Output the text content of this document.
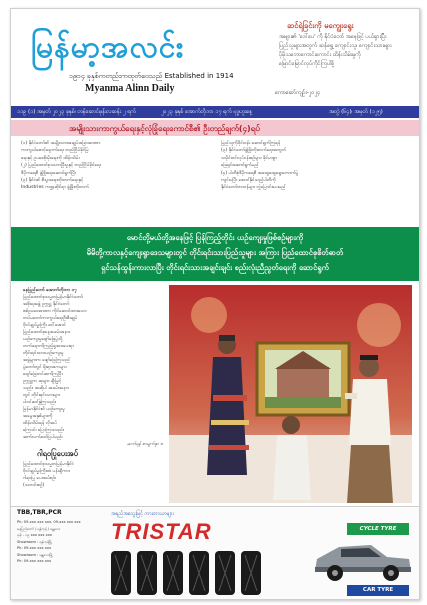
မြန်မာ့အလင်း
၁၉၁၄ ခုနှစ်ကတည်းကထုတ်ဝေသည် Established in 1914
Myanma Alinn Daily
ဆင်ရဲခြင်းကို မကျွေးရွေး
အများ၏ 'ဒေါ်ပေ' ကို နိုင်ငံတော် အနေဖြင့် ပယ်ရှားပြီး
ပြည်သူများအတွက် ဆန်ရွှေ့ ကျောင်းသူ၊ ကျောင်းသားများ
ပိုမိုသဘောကောင်းကောင်း ထိန်းသိမ်းမှုကို
မြောင်မြောင်လုပ်ကိုင်ကြပါစို့
ကောဆော်ကျဉ်း-၂၀၂၄
၁၁၉ (၁) အမှတ် ၂၀၂၃ ခုနှစ်၊ တန်ဆောင်မုန်းလဆန်း ၂ ရက်	၂၀၂၃ ခုနှစ် အောက်တိုဘာ ၁၇ ရက် ဗုဒ္ဓဟူးနေ့	အတွဲ (၆၄)၊ အမှတ် (၁၂၅)
အမျိုးသားကာကွယ်ရေးနှင့်လုံခြုံရေးကောင်စီ၏ ဦးတည်ချက်(၄)ရပ်

(၁) နိုင်ငံတော်၏ အမျိုးသားအချုပ်အခြာအာဏာ

ကာကွယ်စောင့်ရှောက်ရေး တည်ငြိမ်ခိုင်မြဲ

ရေးနှင့် ဥပဒေစိုးမိုးရေးကို ထိန်းသိမ်း

(၂) ပြည်ထောင်စုသဟာပြီးမှုနှင့် တည်ငြိမ်ခိုင်ရေး

ဒီမိုကရေစီ ဖွံ့ဖြိုးရေးဆောင်ရွက်ပြီး

(၃) နိုင်ငံ၏ စီးပွားရေးတိုးတက်ရေးနှင့်

Industries ကဏ္ဍဆိုင်ရာ ဖွံ့ဖြိုးတိုးတက်

ပြည်သူကိုဝိုင်းဝန်း ဆောင်ရွက်ကြရန်

(၃) နိုင်ငံတော်ဖွံ့ဖြိုးတိုးတက်ရေးအတွက်

သမိုင်းဝင်လုပ်ငန်းစဉ်များ ခိုင်မာစွာ

ဖြေရှင်းဆောင်ရွက်မည်

(၄) ပါတီစုံဒီမိုကရေစီ အထွေထွေရွေးကောက်ပွဲ

ကျင်းပပြီး အောင်နိုင်သည့်ပါတီကို

နိုင်ငံတော်တာဝန်များ လွှဲပြောင်းပေးမည်

မောင်တို့မယ်တို့အနေဖြင့် ပြန်ကြည့်တိုင်း ယဉ်ကျေးမှုဖြစ်စဉ်များကို
မိမိတို့ကာလနှင့်ကျေးရွာဒေသများတွင် တိုင်းရင်းသားပြည်သူများ အကြား ပြည်ထောင်စုစိတ်ဓာတ်
ရှင်သန်ထွန်းကားလာပြီး တိုင်းရင်းသားအချင်းချင်း စည်းလုံးညီညွတ်ရေးကို ဆောင်ရွက်

နေပြည်တော် အောက်တိုဘာ ၁၇

ပြည်ထောင်စုသမ္မတမြန်မာနိုင်ငံတော်

အစိုးရအဖွဲ့ ဥက္ကဋ္ဌ နိုင်ငံတော်

စစ်ဥပဒေအာဏာ ကိုင်ဆောင်ထားသော

တပ်မတော်ကာကွယ်ရေးဦးစီးချုပ်

ဗိုလ်ချုပ်မှူးကြီး ဒေါ်အောင်

ပြည်ထောင်စုနေ့အခမ်းအနား

ယဉ်ကျေးမှုဖျော်ဖြေပွဲသို့

တက်ရောက်ကြည့်ရှုအားပေးရာ

တိုင်းရင်းသားယဉ်ကျေးမှု

အဖွဲ့များက ဖျော်ဖြေကြသည်

ပွဲတော်တွင် ရိုးရာအကများ

ဖျော်ဖြေတင်ဆက်ကြပြီး

ဥက္ကဋ္ဌက ဆုများ ချီးမြှင့်

သည်။ အဆိုပါ အခမ်းအနား

တွင် တိုင်းရင်းသားများ

ပါဝင်ဆင်နွှဲကြသည်။

မြန်မာနိုင်ငံ၏ ယဉ်ကျေးမှု

အမွေအနှစ်များကို

ထိန်းသိမ်းရန် လိုအပ်

ကြောင်း ပြောကြားသည်။

ဆက်လက်ဖော်ပြပါမည်။

ဆက်ရန် စာမျက်နှာ ၈

ဂါရဝပြုပေးအပ်

ပြည်ထောင်စုသမ္မတမြန်မာနိုင်ငံ

ဗိုလ်ချုပ်မှူးကြီးထံ ပန်းချီကား

ဂါရဝပြု ပေးအပ်စဉ်။

(သတင်းစဉ်)

TBB,TBR,PCR
Ph: 09-xxx xxx xxx, 09-xxx xxx xxx
နေပြည်တော် / ရန်ကုန် / မန္တလေး
ဖုန်း - ၀၉ xxx xxx xxx
Showroom : ရန်ကုန်မြို့
Ph: 09-xxx xxx xxx
Showroom : မန္တလေးမြို့
Ph: 09-xxx xxx xxx
အရည်အသွေးမြင့် ကားတာယာများ
TRISTAR	CYCLE TYRE
CAR TYRE
